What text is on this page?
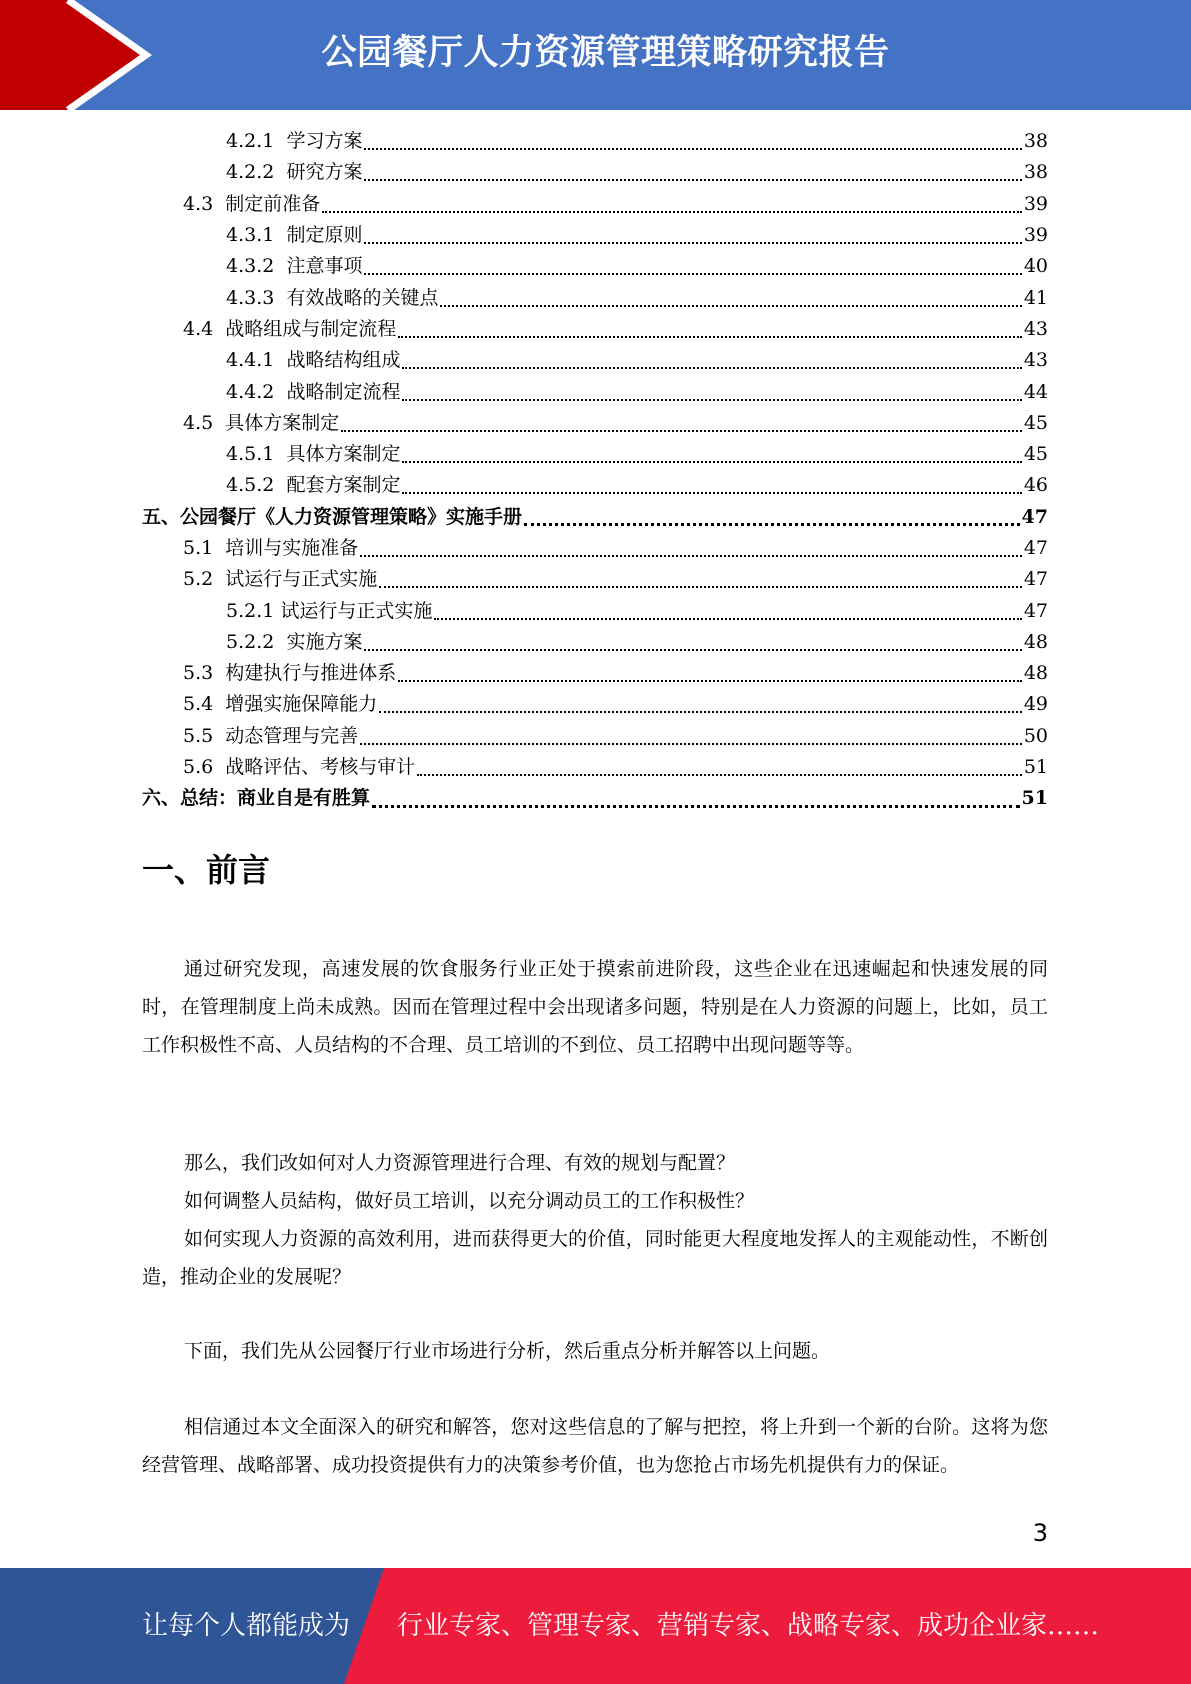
公园餐厅人力资源管理策略研究报告
4.2.1 学习方案	38
4.2.2 研究方案	38
4.3 制定前准备	39
4.3.1 制定原则	39
4.3.2 注意事项	40
4.3.3 有效战略的关键点	41
4.4 战略组成与制定流程	43
4.4.1 战略结构组成	43
4.4.2 战略制定流程	44
4.5 具体方案制定	45
4.5.1 具体方案制定	45
4.5.2 配套方案制定	46
五、公园餐厅《人力资源管理策略》实施手册	47
5.1 培训与实施准备	47
5.2 试运行与正式实施	47
5.2.1 试运行与正式实施	47
5.2.2 实施方案	48
5.3 构建执行与推进体系	48
5.4 增强实施保障能力	49
5.5 动态管理与完善	50
5.6 战略评估、考核与审计	51
六、总结：商业自是有胜算	51
一、前言

通过研究发现，高速发展的饮食服务行业正处于摸索前进阶段，这些企业在迅速崛起和快速发展的同时，在管理制度上尚未成熟。因而在管理过程中会出现诸多问题，特别是在人力资源的问题上，比如，员工工作积极性不高、人员结构的不合理、员工培训的不到位、员工招聘中出现问题等等。

那么，我们改如何对人力资源管理进行合理、有效的规划与配置？

如何调整人员結构，做好员工培训，以充分调动员工的工作积极性？

如何实现人力资源的高效利用，进而获得更大的价值，同时能更大程度地发挥人的主观能动性，不断创造，推动企业的发展呢？

下面，我们先从公园餐厅行业市场进行分析，然后重点分析并解答以上问题。

相信通过本文全面深入的研究和解答，您对这些信息的了解与把控，将上升到一个新的台阶。这将为您经营管理、战略部署、成功投资提供有力的决策参考价值，也为您抢占市场先机提供有力的保证。

3
让每个人都能成为 行业专家、管理专家、营销专家、战略专家、成功企业家……
